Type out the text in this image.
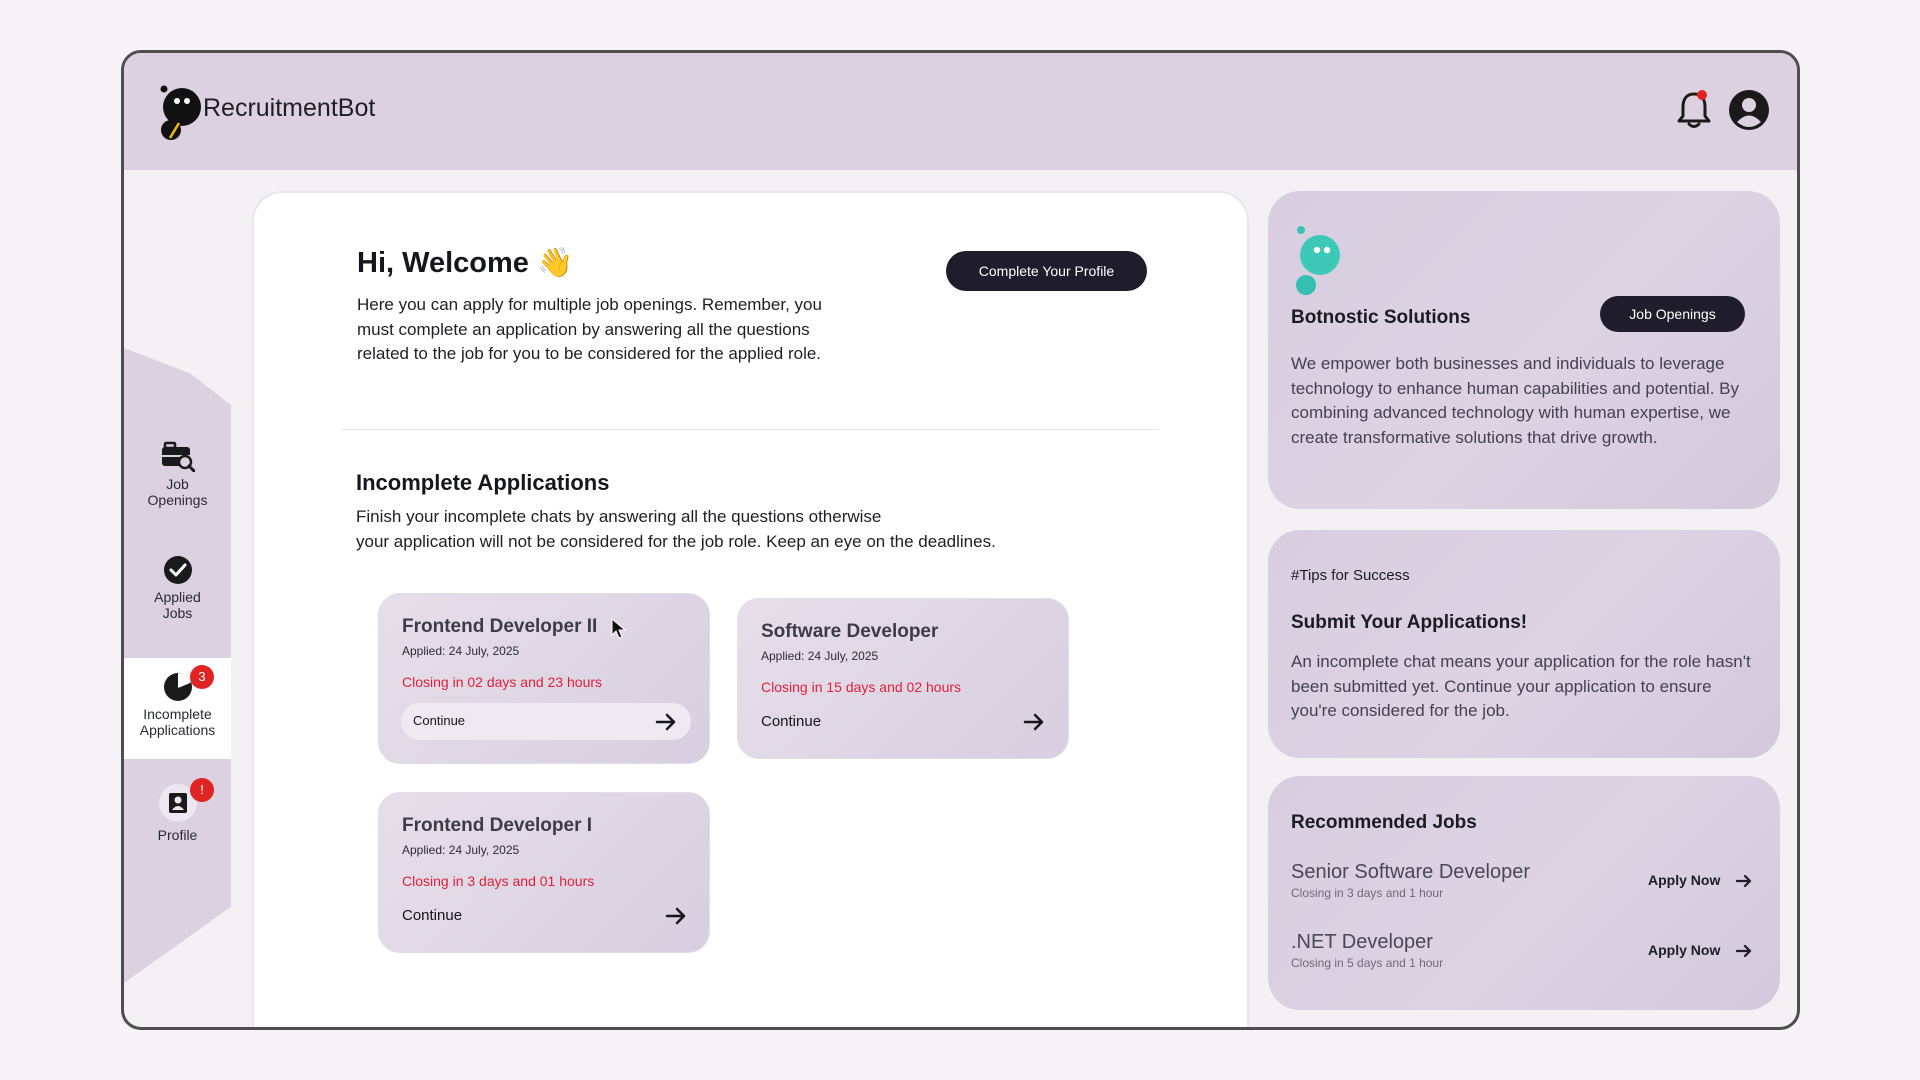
RecruitmentBot
Job
Openings
Applied
Jobs
Incomplete
Applications
3
Profile
!
Hi, Welcome 👋
Here you can apply for multiple job openings. Remember, you must complete an application by answering all the questions related to the job for you to be considered for the applied role.
Complete Your Profile
Incomplete Applications
Finish your incomplete chats by answering all the questions otherwise
your application will not be considered for the job role. Keep an eye on the deadlines.
Frontend Developer II
Applied: 24 July, 2025
Closing in 02 days and 23 hours
Continue
Software Developer
Applied: 24 July, 2025
Closing in 15 days and 02 hours
Continue
Frontend Developer I
Applied: 24 July, 2025
Closing in 3 days and 01 hours
Continue
Botnostic Solutions	Job Openings
We empower both businesses and individuals to leverage technology to enhance human capabilities and potential. By combining advanced technology with human expertise, we create transformative solutions that drive growth.
#Tips for Success
Submit Your Applications!
An incomplete chat means your application for the role hasn't been submitted yet. Continue your application to ensure you're considered for the job.
Recommended Jobs
Senior Software Developer
Closing in 3 days and 1 hour
Apply Now
.NET Developer
Closing in 5 days and 1 hour
Apply Now
